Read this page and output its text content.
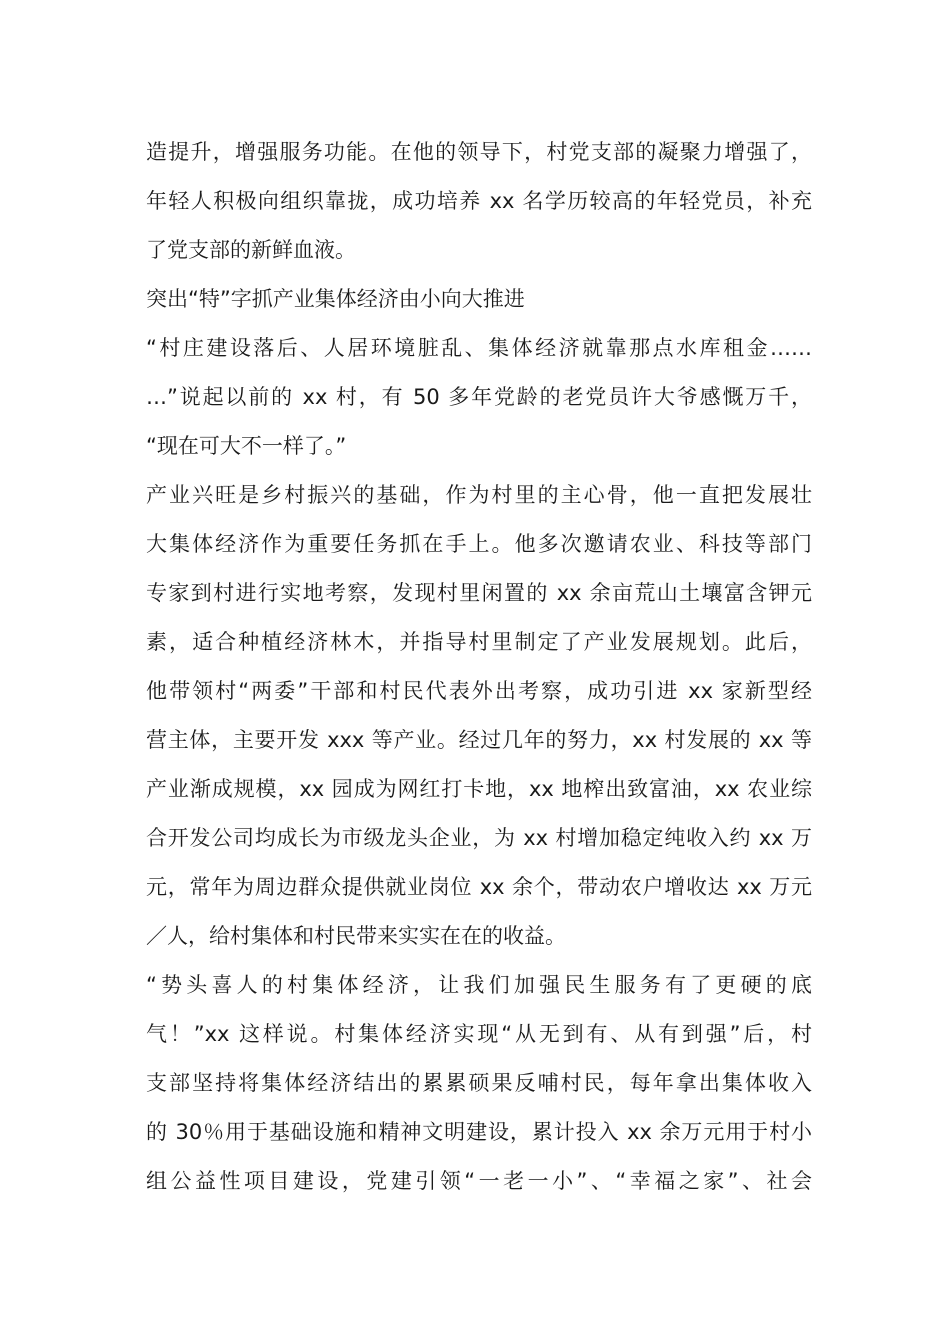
造提升，增强服务功能。在他的领导下，村党支部的凝聚力增强了，
年轻人积极向组织靠拢，成功培养 xx 名学历较高的年轻党员，补充
了党支部的新鲜血液。
突出“特”字抓产业集体经济由小向大推进
“村庄建设落后、人居环境脏乱、集体经济就靠那点水库租金……
…”说起以前的 xx 村，有 50 多年党龄的老党员许大爷感慨万千，
“现在可大不一样了。”
产业兴旺是乡村振兴的基础，作为村里的主心骨，他一直把发展壮
大集体经济作为重要任务抓在手上。他多次邀请农业、科技等部门
专家到村进行实地考察，发现村里闲置的 xx 余亩荒山土壤富含钾元
素，适合种植经济林木，并指导村里制定了产业发展规划。此后，
他带领村“两委”干部和村民代表外出考察，成功引进 xx 家新型经
营主体，主要开发 xxx 等产业。经过几年的努力，xx 村发展的 xx 等
产业渐成规模，xx 园成为网红打卡地，xx 地榨出致富油，xx 农业综
合开发公司均成长为市级龙头企业，为 xx 村增加稳定纯收入约 xx 万
元，常年为周边群众提供就业岗位 xx 余个，带动农户增收达 xx 万元
／人，给村集体和村民带来实实在在的收益。
“势头喜人的村集体经济，让我们加强民生服务有了更硬的底
气！”xx 这样说。村集体经济实现“从无到有、从有到强”后，村
支部坚持将集体经济结出的累累硕果反哺村民，每年拿出集体收入
的 30％用于基础设施和精神文明建设，累计投入 xx 余万元用于村小
组公益性项目建设，党建引领“一老一小”、“幸福之家”、社会
